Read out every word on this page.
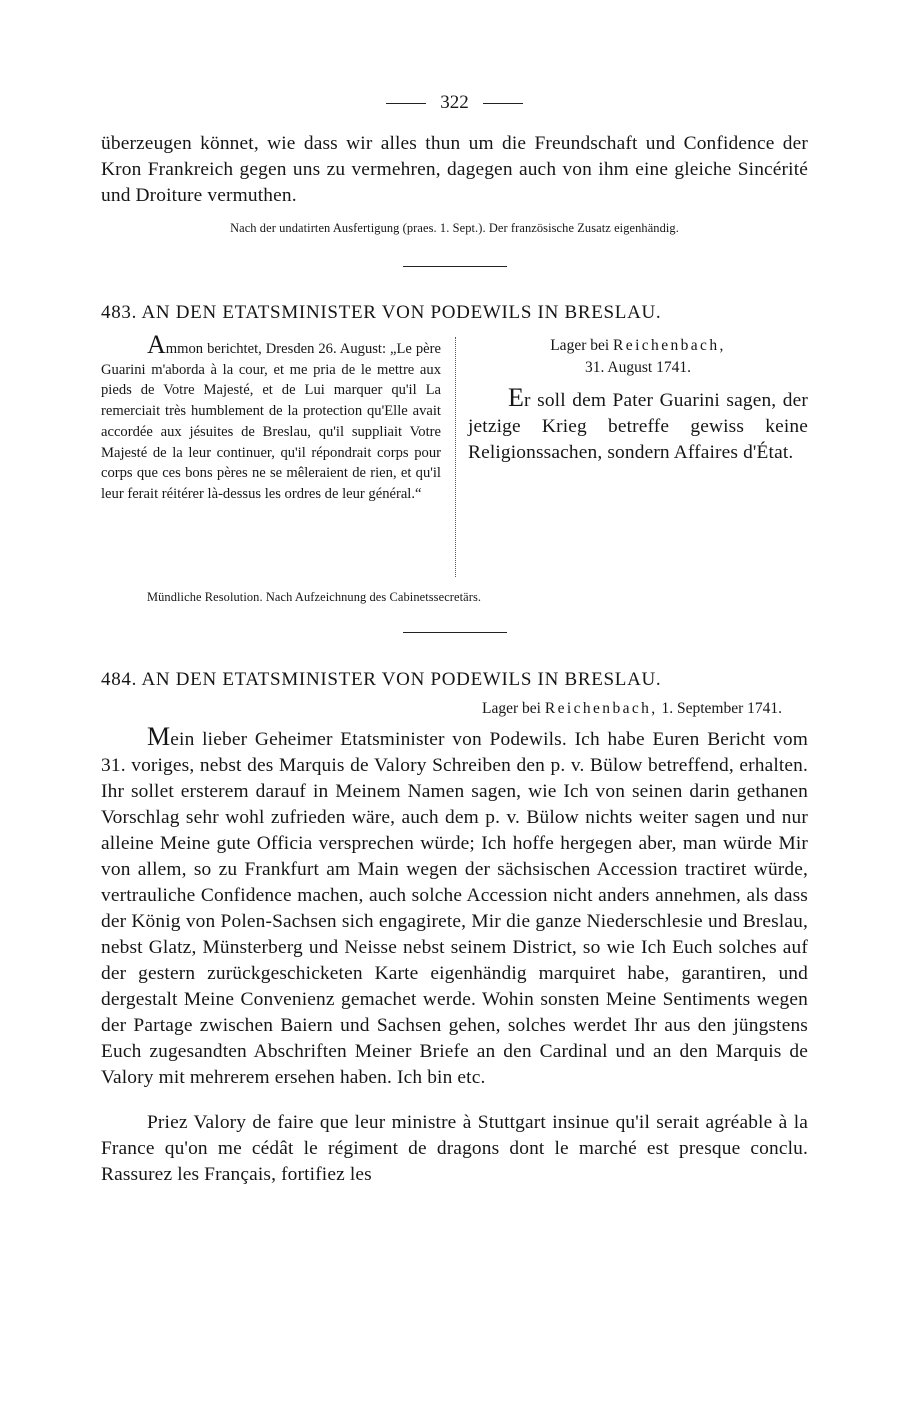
322
überzeugen könnet, wie dass wir alles thun um die Freundschaft und Confidence der Kron Frankreich gegen uns zu vermehren, dagegen auch von ihm eine gleiche Sincérité und Droiture vermuthen.
Nach der undatirten Ausfertigung (praes. 1. Sept.). Der französische Zusatz eigenhändig.
483. AN DEN ETATSMINISTER VON PODEWILS IN BRESLAU.
Ammon berichtet, Dresden 26. August: „Le père Guarini m'aborda à la cour, et me pria de le mettre aux pieds de Votre Majesté, et de Lui marquer qu'il La remerciait très humblement de la protection qu'Elle avait accordée aux jésuites de Breslau, qu'il suppliait Votre Majesté de la leur continuer, qu'il répondrait corps pour corps que ces bons pères ne se mêleraient de rien, et qu'il leur ferait réitérer là-dessus les ordres de leur général.“
Lager bei Reichenbach,
31. August 1741.
Er soll dem Pater Guarini sagen, der jetzige Krieg betreffe gewiss keine Religionssachen, sondern Affaires d'État.
Mündliche Resolution. Nach Aufzeichnung des Cabinetssecretärs.
484. AN DEN ETATSMINISTER VON PODEWILS IN BRESLAU.
Lager bei Reichenbach, 1. September 1741.
Mein lieber Geheimer Etatsminister von Podewils. Ich habe Euren Bericht vom 31. voriges, nebst des Marquis de Valory Schreiben den p. v. Bülow betreffend, erhalten. Ihr sollet ersterem darauf in Meinem Namen sagen, wie Ich von seinen darin gethanen Vorschlag sehr wohl zufrieden wäre, auch dem p. v. Bülow nichts weiter sagen und nur alleine Meine gute Officia versprechen würde; Ich hoffe hergegen aber, man würde Mir von allem, so zu Frankfurt am Main wegen der sächsischen Accession tractiret würde, vertrauliche Confidence machen, auch solche Accession nicht anders annehmen, als dass der König von Polen-Sachsen sich engagirete, Mir die ganze Niederschlesie und Breslau, nebst Glatz, Münsterberg und Neisse nebst seinem District, so wie Ich Euch solches auf der gestern zurückgeschicketen Karte eigenhändig marquiret habe, garantiren, und dergestalt Meine Convenienz gemachet werde. Wohin sonsten Meine Sentiments wegen der Partage zwischen Baiern und Sachsen gehen, solches werdet Ihr aus den jüngstens Euch zugesandten Abschriften Meiner Briefe an den Cardinal und an den Marquis de Valory mit mehrerem ersehen haben. Ich bin etc.
Priez Valory de faire que leur ministre à Stuttgart insinue qu'il serait agréable à la France qu'on me cédât le régiment de dragons dont le marché est presque conclu. Rassurez les Français, fortifiez les
